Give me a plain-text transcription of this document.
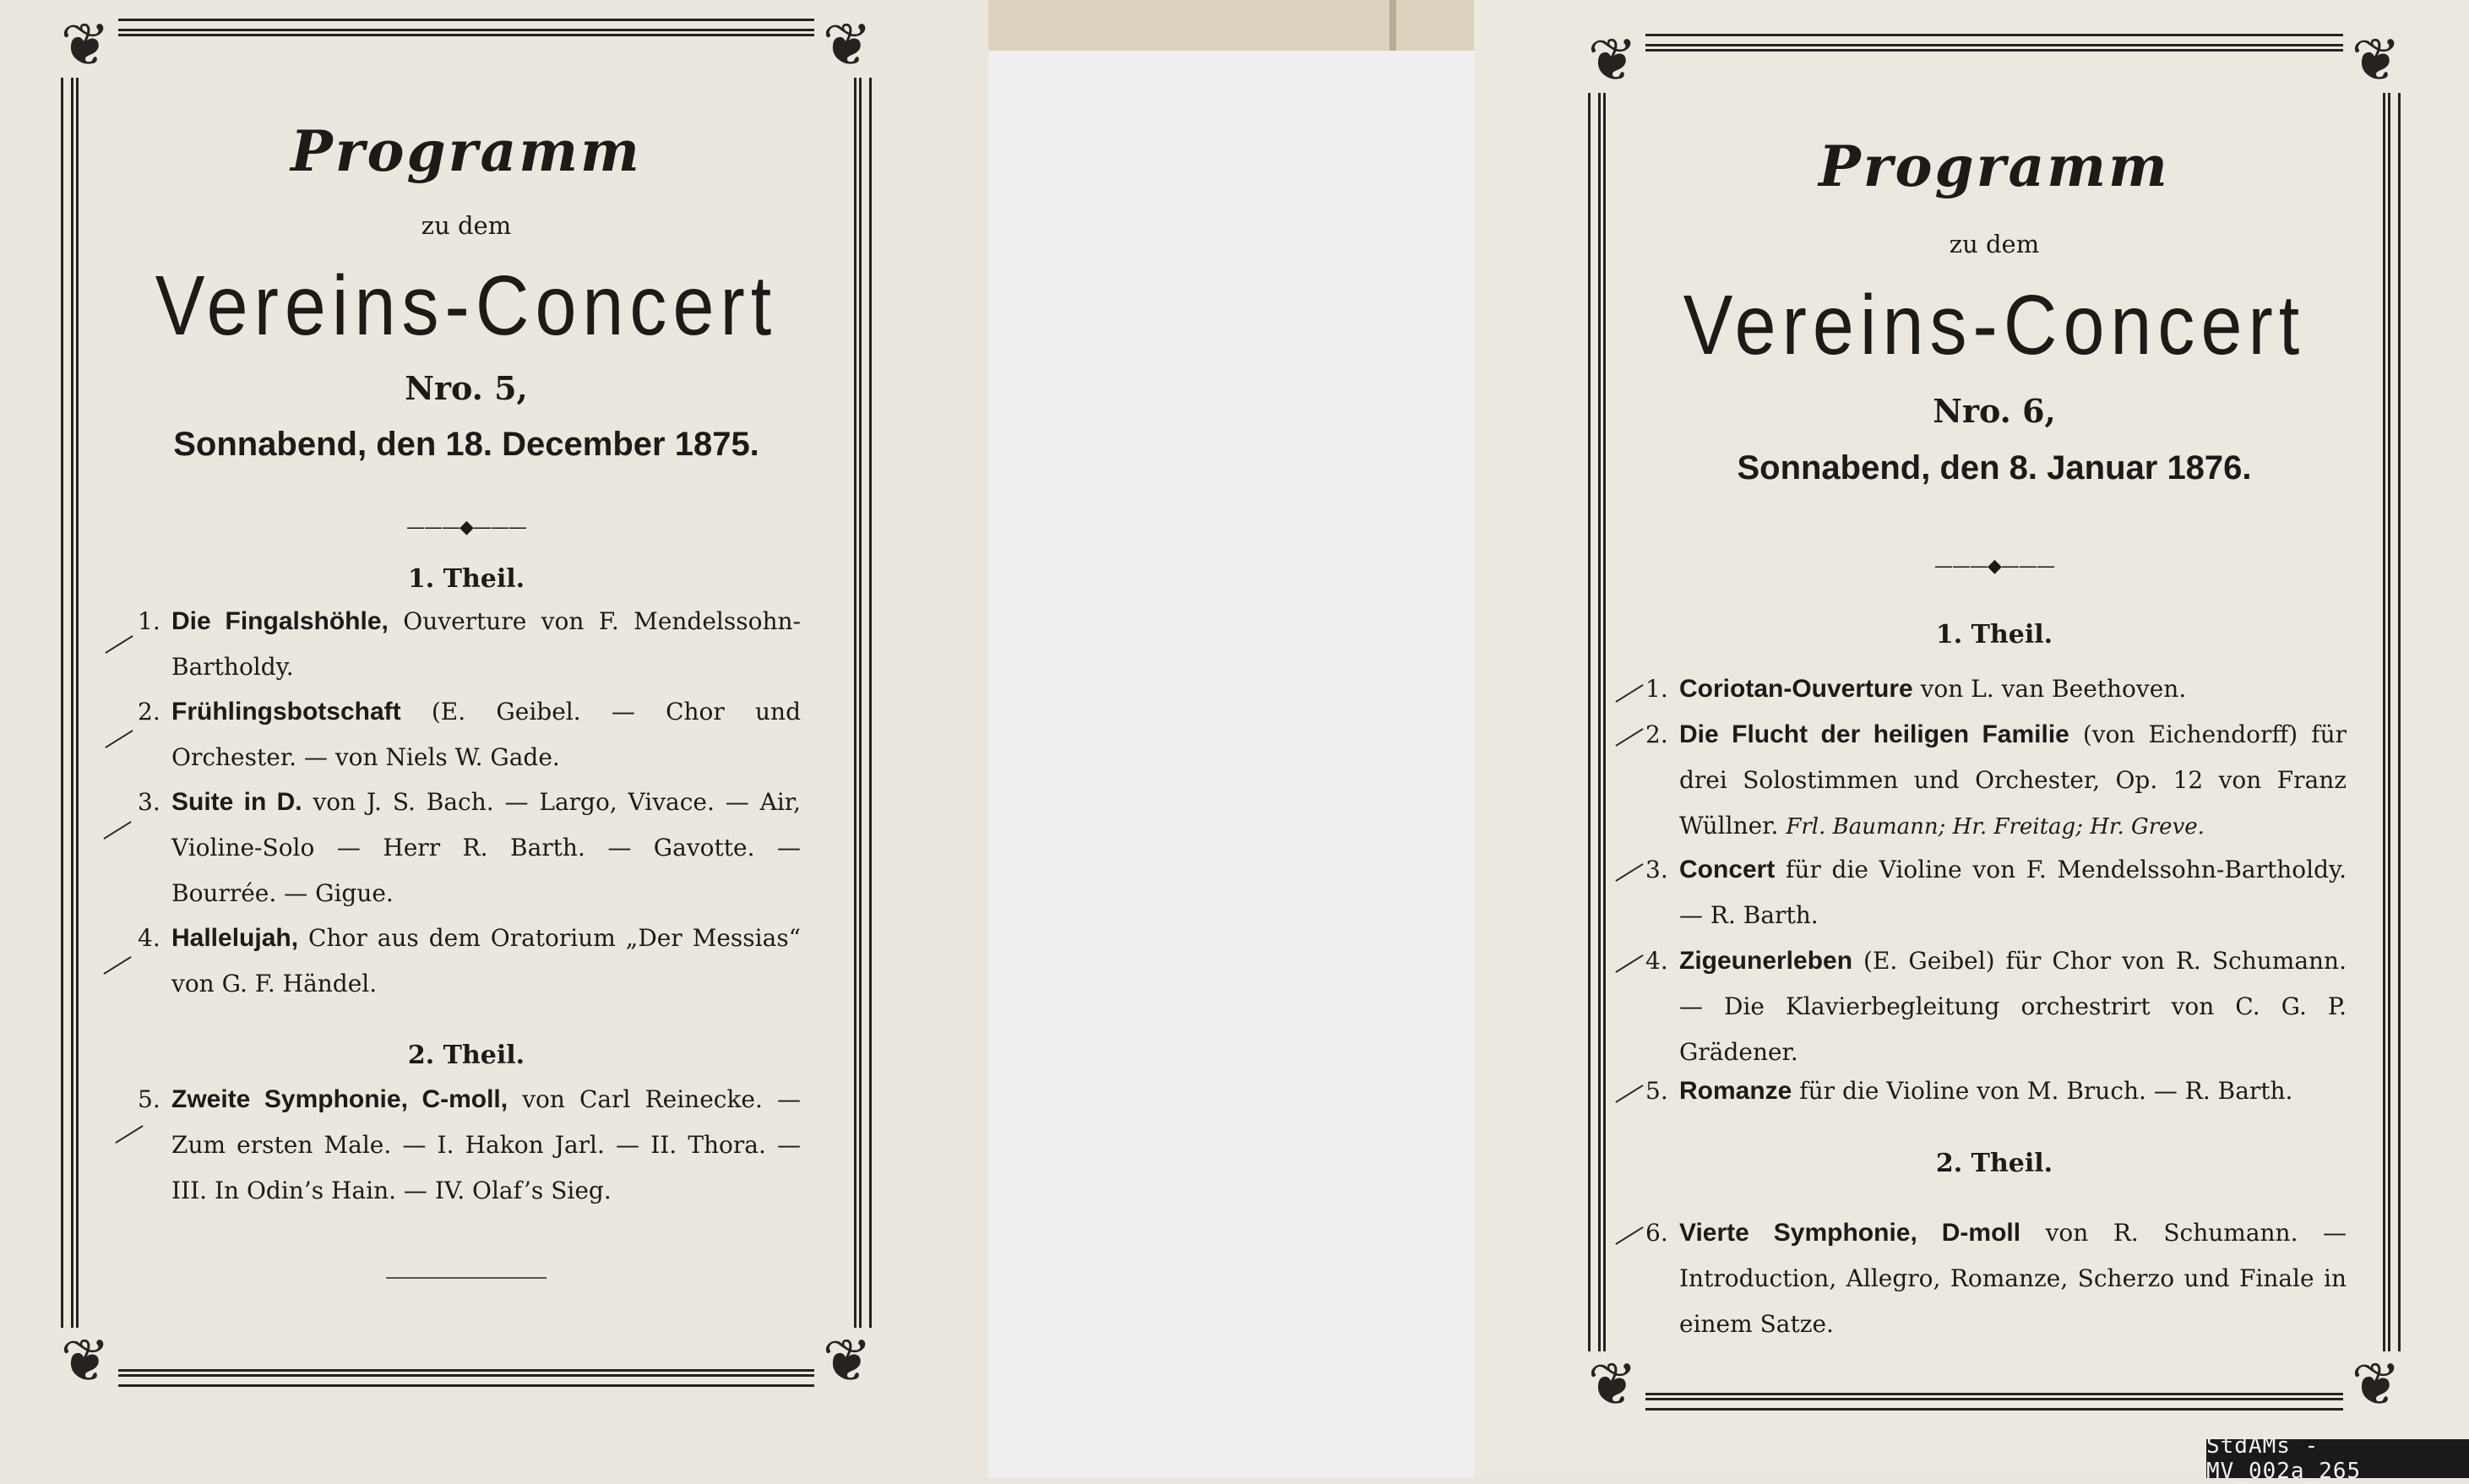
❦	❦
❦	❦
Programm
zu dem
Vereins-Concert
Nro. 5,
Sonnabend, den 18. December 1875.
———◆———
1. Theil.
1. Die Fingalshöhle, Ouverture von F. Mendelssohn-Bartholdy.
2. Frühlingsbotschaft (E. Geibel. — Chor und Orchester. — von Niels W. Gade.
3. Suite in D. von J. S. Bach. — Largo, Vivace. — Air, Violine-Solo — Herr R. Barth. — Gavotte. — Bourrée. — Gigue.
4. Hallelujah, Chor aus dem Oratorium „Der Messias“ von G. F. Händel.
2. Theil.
5. Zweite Symphonie, C-moll, von Carl Reinecke. — Zum ersten Male. — I. Hakon Jarl. — II. Thora. — III. In Odin’s Hain. — IV. Olaf’s Sieg.
❦	❦
❦	❦
Programm
zu dem
Vereins-Concert
Nro. 6,
Sonnabend, den 8. Januar 1876.
———◆———
1. Theil.
1. Coriotan-Ouverture von L. van Beethoven.
2. Die Flucht der heiligen Familie (von Eichendorff) für drei Solostimmen und Orchester, Op. 12 von Franz Wüllner. Frl. Baumann; Hr. Freitag; Hr. Greve.
3. Concert für die Violine von F. Mendelssohn-Bartholdy. — R. Barth.
4. Zigeunerleben (E. Geibel) für Chor von R. Schumann. — Die Klavierbegleitung orchestrirt von C. G. P. Grädener.
5. Romanze für die Violine von M. Bruch. — R. Barth.
2. Theil.
6. Vierte Symphonie, D-moll von R. Schumann. — Introduction, Allegro, Romanze, Scherzo und Finale in einem Satze.
StdAMs - MV_002a_265
